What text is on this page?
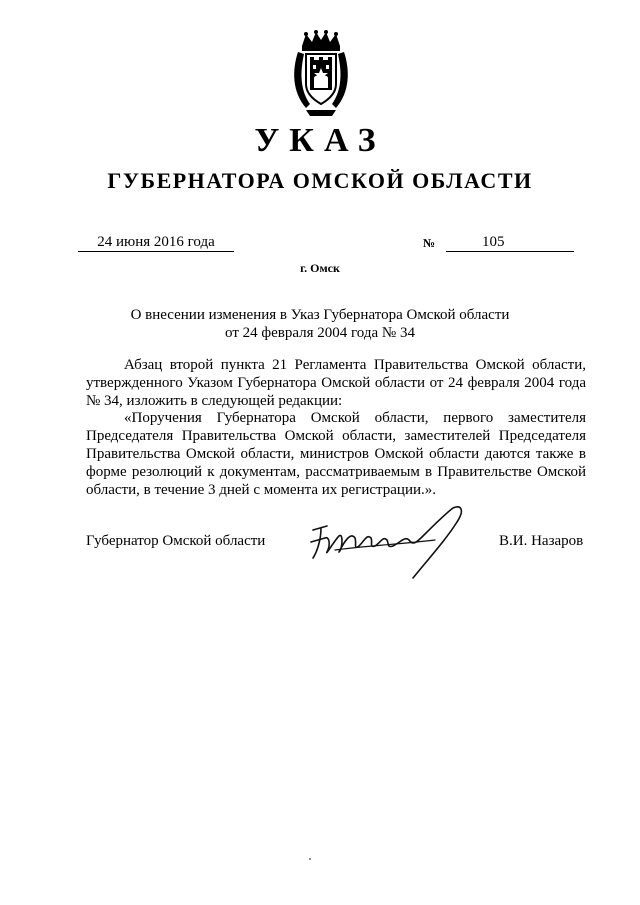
УКАЗ
ГУБЕРНАТОРА ОМСКОЙ ОБЛАСТИ
24 июня 2016 года	№	105
г. Омск
О внесении изменения в Указ Губернатора Омской области
от 24 февраля 2004 года № 34

Абзац второй пункта 21 Регламента Правительства Омской области, утвержденного Указом Губернатора Омской области от 24 февраля 2004 года № 34, изложить в следующей редакции:

«Поручения Губернатора Омской области, первого заместителя Председателя Правительства Омской области, заместителей Председателя Правительства Омской области, министров Омской области даются также в форме резолюций к документам, рассматриваемым в Правительстве Омской области, в течение 3 дней с момента их регистрации.».

Губернатор Омской области	В.И. Назаров
